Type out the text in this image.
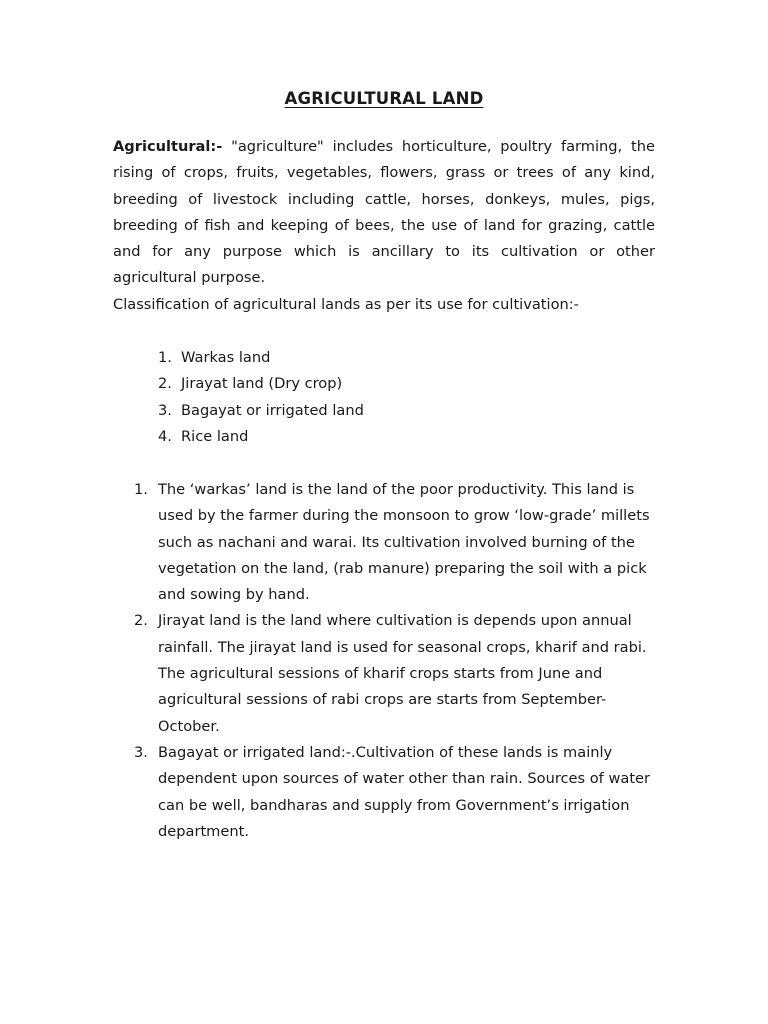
AGRICULTURAL LAND

Agricultural:- "agriculture" includes horticulture, poultry farming, the rising of crops, fruits, vegetables, flowers, grass or trees of any kind, breeding of livestock including cattle, horses, donkeys, mules, pigs, breeding of fish and keeping of bees, the use of land for grazing, cattle and for any purpose which is ancillary to its cultivation or other agricultural purpose.

Classification of agricultural lands as per its use for cultivation:-

1. Warkas land
2. Jirayat land (Dry crop)
3. Bagayat or irrigated land
4. Rice land
1. The ‘warkas’ land is the land of the poor productivity. This land is used by the farmer during the monsoon to grow ‘low-grade’ millets such as nachani and warai. Its cultivation involved burning of the vegetation on the land, (rab manure) preparing the soil with a pick and sowing by hand.
2. Jirayat land is the land where cultivation is depends upon annual rainfall. The jirayat land is used for seasonal crops, kharif and rabi. The agricultural sessions of kharif crops starts from June and agricultural sessions of rabi crops are starts from September-October.
3. Bagayat or irrigated land:-.Cultivation of these lands is mainly dependent upon sources of water other than rain. Sources of water can be well, bandharas and supply from Government’s irrigation department.
